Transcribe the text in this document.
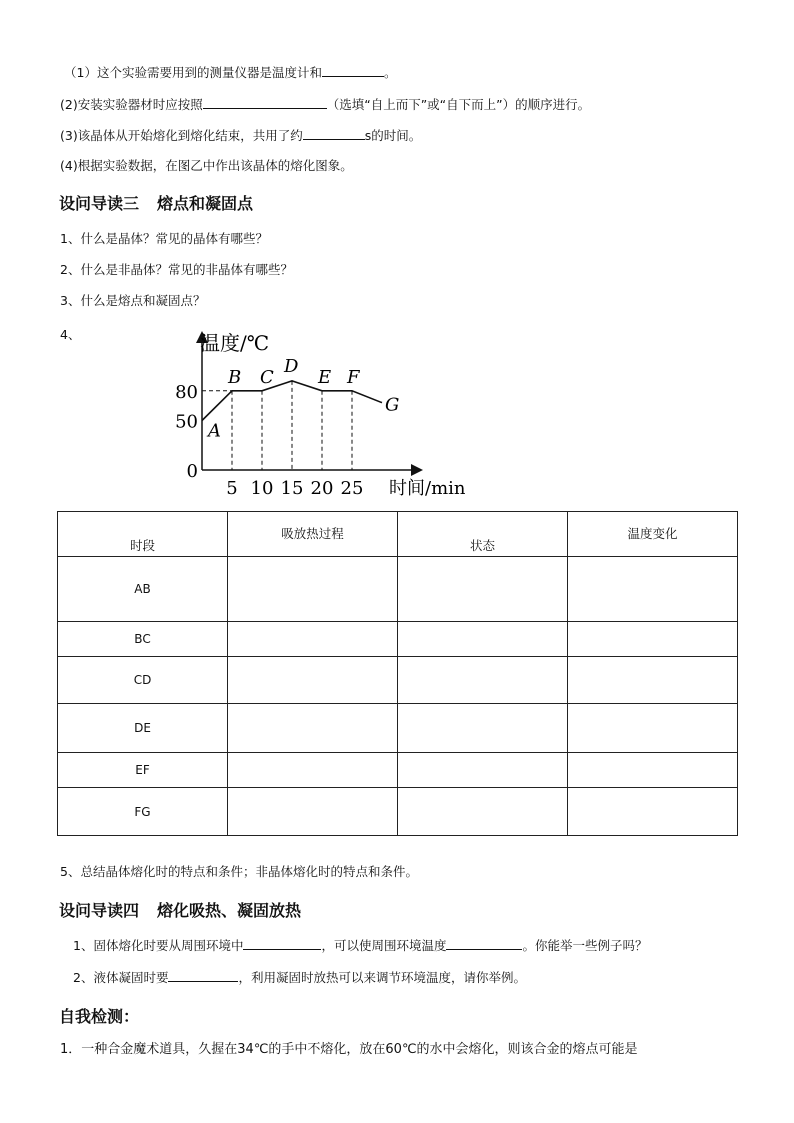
（1）这个实验需要用到的测量仪器是温度计和	。
(2)安装实验器材时应按照	（选填“自上而下”或“自下而上”）的顺序进行。
(3)该晶体从开始熔化到熔化结束，共用了约	s的时间。
(4)根据实验数据，在图乙中作出该晶体的熔化图象。
设问导读三 熔点和凝固点
1、什么是晶体？常见的晶体有哪些？
2、什么是非晶体？常见的非晶体有哪些？
3、什么是熔点和凝固点？
4、	温度/℃
时间/min
5 10 15 20 25
0
50
80
A
B C
D
E F
G
时段	吸放热过程	状态	温度变化

AB			
BC			
CD			
DE			
EF			
FG			
5、总结晶体熔化时的特点和条件；非晶体熔化时的特点和条件。
设问导读四 熔化吸热、凝固放热
1、固体熔化时要从周围环境中	，可以使周围环境温度	。你能举一些例子吗？
2、液体凝固时要	，利用凝固时放热可以来调节环境温度，请你举例。
自我检测：
1．一种合金魔术道具，久握在34℃的手中不熔化，放在60℃的水中会熔化，则该合金的熔点可能是
